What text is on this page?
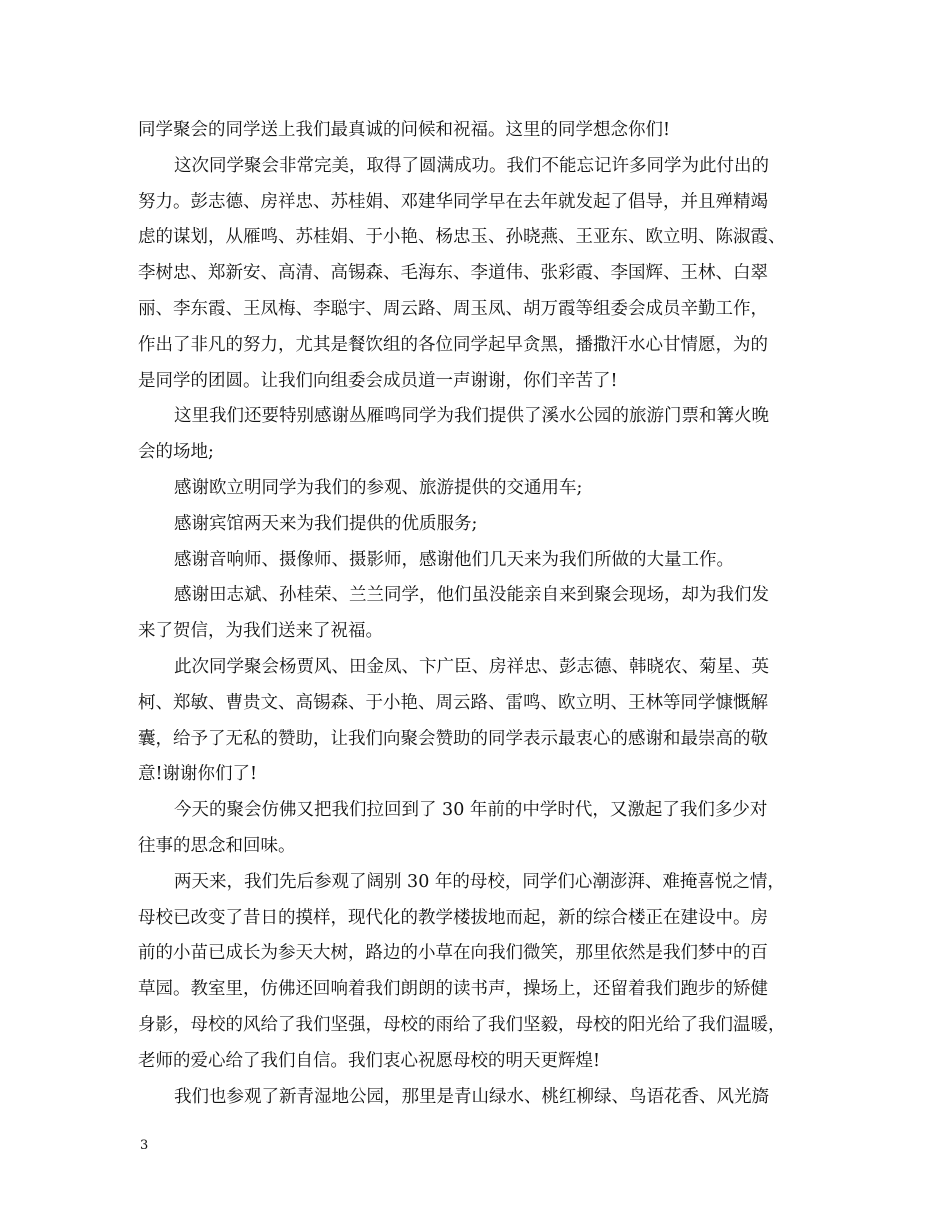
同学聚会的同学送上我们最真诚的问候和祝福。这里的同学想念你们!
这次同学聚会非常完美，取得了圆满成功。我们不能忘记许多同学为此付出的
努力。彭志德、房祥忠、苏桂娟、邓建华同学早在去年就发起了倡导，并且殚精竭
虑的谋划，从雁鸣、苏桂娟、于小艳、杨忠玉、孙晓燕、王亚东、欧立明、陈淑霞、
李树忠、郑新安、高清、高锡森、毛海东、李道伟、张彩霞、李国辉、王林、白翠
丽、李东霞、王凤梅、李聪宇、周云路、周玉凤、胡万霞等组委会成员辛勤工作，
作出了非凡的努力，尤其是餐饮组的各位同学起早贪黑，播撒汗水心甘情愿，为的
是同学的团圆。让我们向组委会成员道一声谢谢，你们辛苦了!
这里我们还要特别感谢丛雁鸣同学为我们提供了溪水公园的旅游门票和篝火晚
会的场地;
感谢欧立明同学为我们的参观、旅游提供的交通用车;
感谢宾馆两天来为我们提供的优质服务;
感谢音响师、摄像师、摄影师，感谢他们几天来为我们所做的大量工作。
感谢田志斌、孙桂荣、兰兰同学，他们虽没能亲自来到聚会现场，却为我们发
来了贺信，为我们送来了祝福。
此次同学聚会杨贾风、田金凤、卞广臣、房祥忠、彭志德、韩晓农、菊星、英
柯、郑敏、曹贵文、高锡森、于小艳、周云路、雷鸣、欧立明、王林等同学慷慨解
囊，给予了无私的赞助，让我们向聚会赞助的同学表示最衷心的感谢和最崇高的敬
意!谢谢你们了!
今天的聚会仿佛又把我们拉回到了 30 年前的中学时代，又激起了我们多少对
往事的思念和回味。
两天来，我们先后参观了阔别 30 年的母校，同学们心潮澎湃、难掩喜悦之情，
母校已改变了昔日的摸样，现代化的教学楼拔地而起，新的综合楼正在建设中。房
前的小苗已成长为参天大树，路边的小草在向我们微笑，那里依然是我们梦中的百
草园。教室里，仿佛还回响着我们朗朗的读书声，操场上，还留着我们跑步的矫健
身影，母校的风给了我们坚强，母校的雨给了我们坚毅，母校的阳光给了我们温暖，
老师的爱心给了我们自信。我们衷心祝愿母校的明天更辉煌!
我们也参观了新青湿地公园，那里是青山绿水、桃红柳绿、鸟语花香、风光旖
3
